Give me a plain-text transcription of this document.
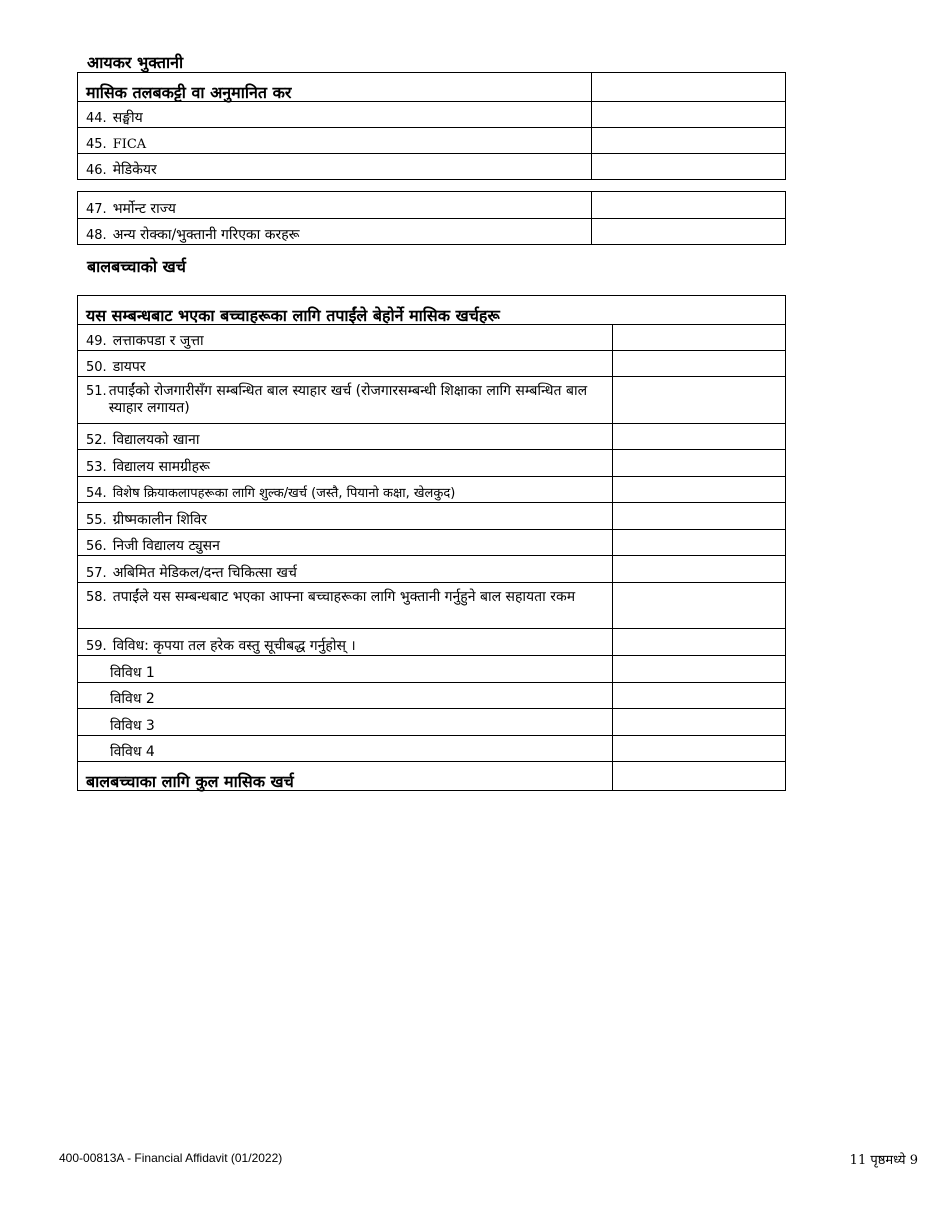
आयकर भुक्तानी
मासिक तलबकट्टी वा अनुमानित कर	
44. सङ्घीय	
45. FICA	
46. मेडिकेयर	
47. भर्मोन्ट राज्य	
48. अन्य रोक्का/भुक्तानी गरिएका करहरू	
बालबच्चाको खर्च
यस सम्बन्धबाट भएका बच्चाहरूका लागि तपाईंले बेहोर्ने मासिक खर्चहरू	
49. लत्ताकपडा र जुत्ता	
50. डायपर	

51. तपाईंको रोजगारीसँग सम्बन्धित बाल स्याहार खर्च (रोजगारसम्बन्धी शिक्षाका लागि सम्बन्धित बाल स्याहार लगायत)	

52. विद्यालयको खाना	
53. विद्यालय सामग्रीहरू	
54. विशेष क्रियाकलापहरूका लागि शुल्क/खर्च (जस्तै, पियानो कक्षा, खेलकुद)	
55. ग्रीष्मकालीन शिविर	
56. निजी विद्यालय ट्युसन	
57. अबिमित मेडिकल/दन्त चिकित्सा खर्च	
58. तपाईंले यस सम्बन्धबाट भएका आफ्ना बच्चाहरूका लागि भुक्तानी गर्नुहुने बाल सहायता रकम	
59. विविध: कृपया तल हरेक वस्तु सूचीबद्ध गर्नुहोस् ।	
विविध 1	
विविध 2	
विविध 3	
विविध 4	
बालबच्चाका लागि कुल मासिक खर्च	
400-00813A - Financial Affidavit (01/2022)	11 पृष्ठमध्ये 9
